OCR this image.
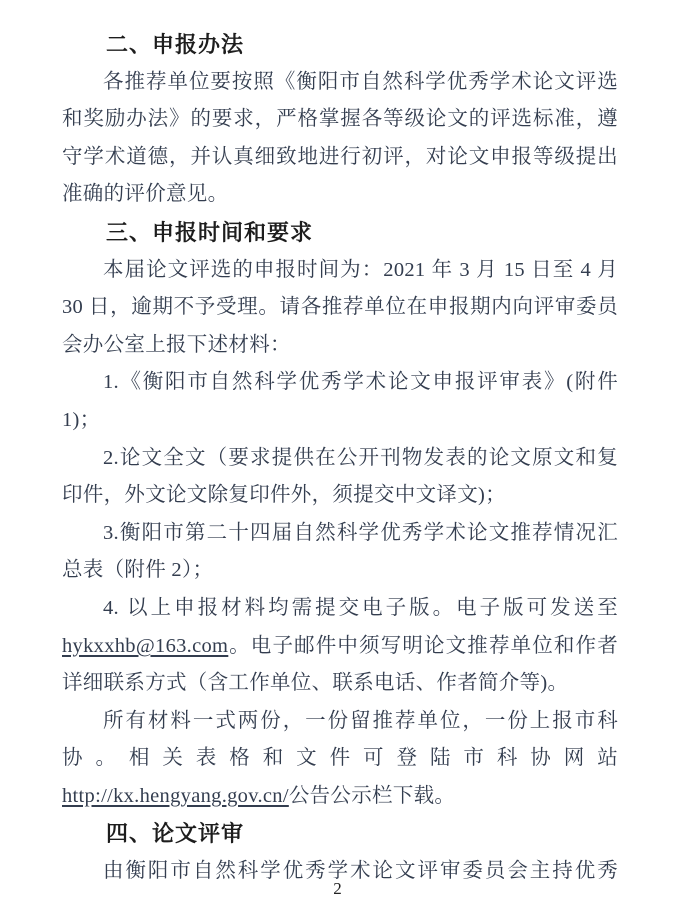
二、申报办法

各推荐单位要按照《衡阳市自然科学优秀学术论文评选和奖励办法》的要求，严格掌握各等级论文的评选标准，遵守学术道德，并认真细致地进行初评，对论文申报等级提出准确的评价意见。

三、申报时间和要求

本届论文评选的申报时间为：2021 年 3 月 15 日至 4 月 30 日，逾期不予受理。请各推荐单位在申报期内向评审委员会办公室上报下述材料：

1.《衡阳市自然科学优秀学术论文申报评审表》(附件 1)；

2.论文全文（要求提供在公开刊物发表的论文原文和复印件，外文论文除复印件外，须提交中文译文)；

3.衡阳市第二十四届自然科学优秀学术论文推荐情况汇总表（附件 2）；

4. 以上申报材料均需提交电子版。电子版可发送至hykxxhb@163.com。电子邮件中须写明论文推荐单位和作者详细联系方式（含工作单位、联系电话、作者简介等)。

所有材料一式两份，一份留推荐单位，一份上报市科协。相关表格和文件可登陆市科协网站http://kx.hengyang.gov.cn/公告公示栏下载。

四、论文评审

由衡阳市自然科学优秀学术论文评审委员会主持优秀

2
